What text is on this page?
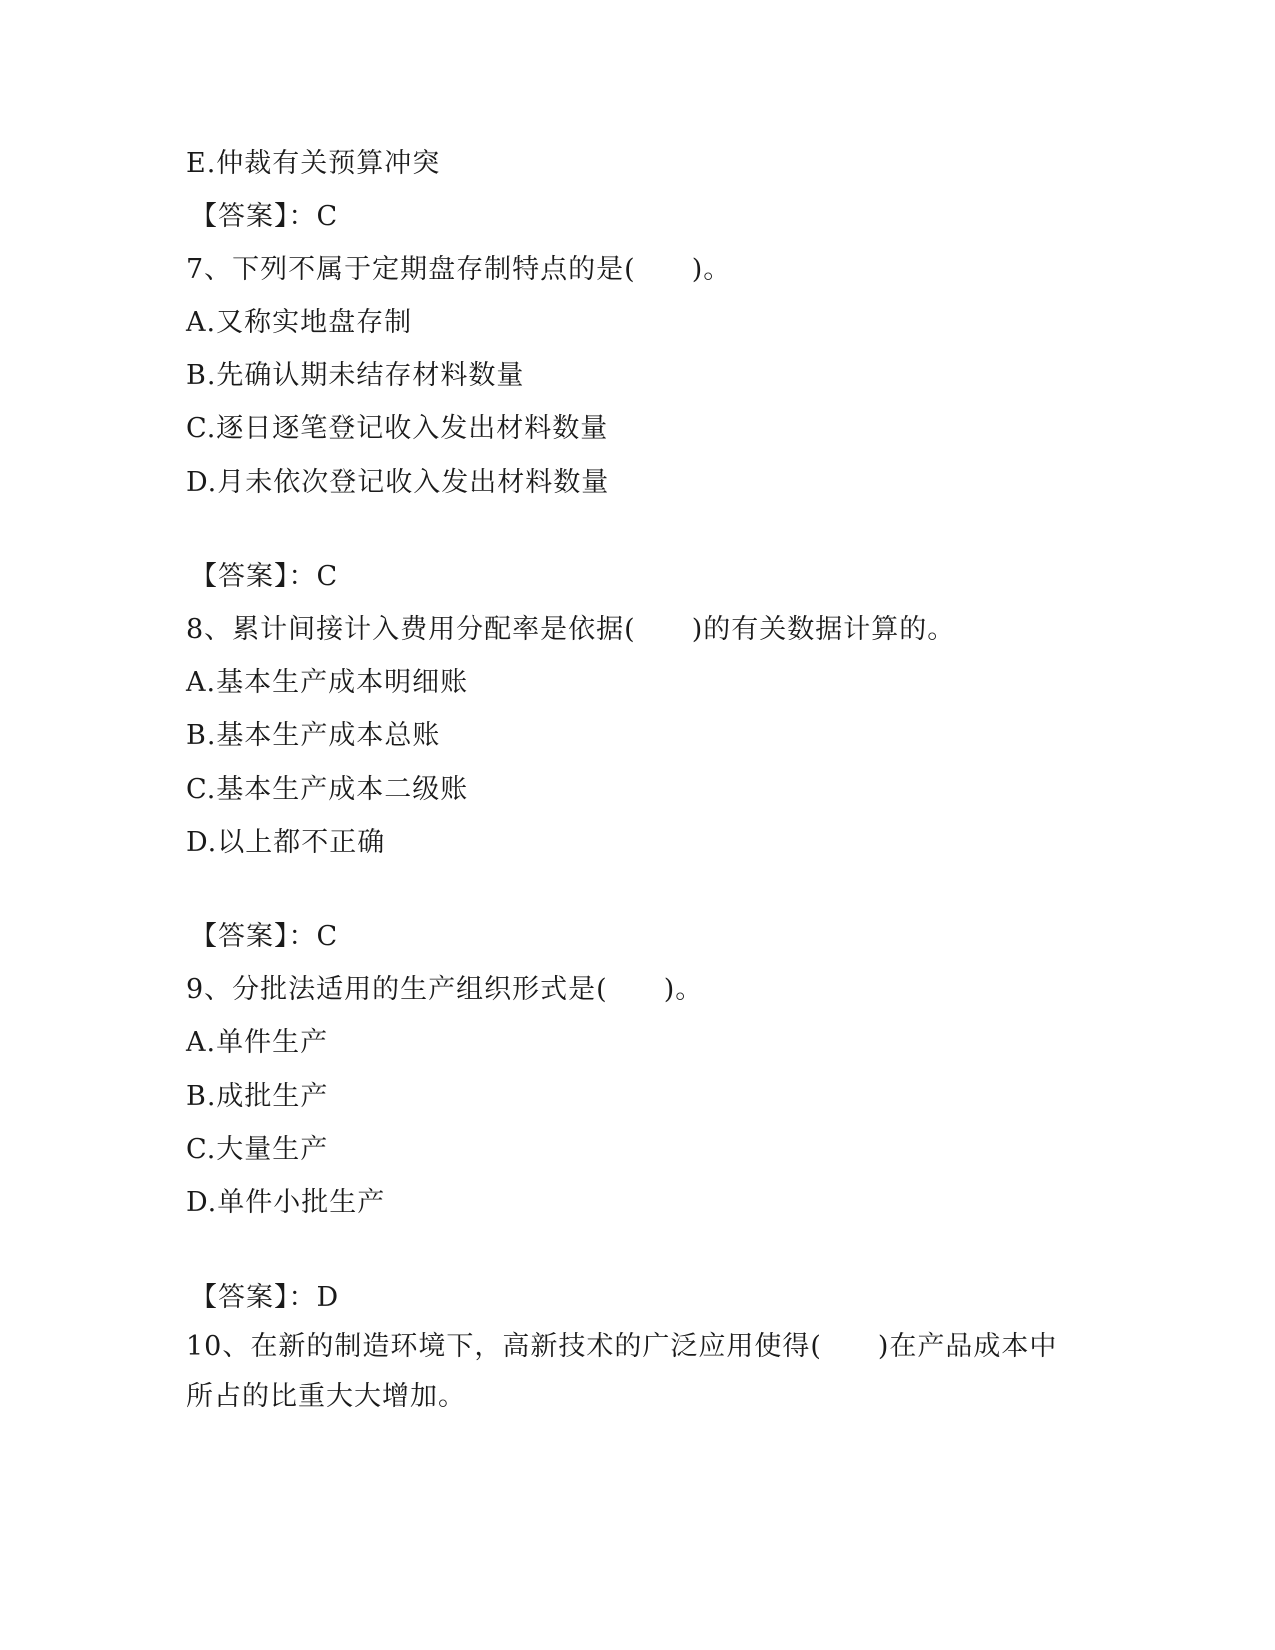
E.仲裁有关预算冲突
【答案】：C
7、下列不属于定期盘存制特点的是(　　)。
A.又称实地盘存制
B.先确认期未结存材料数量
C.逐日逐笔登记收入发出材料数量
D.月未依次登记收入发出材料数量
【答案】：C
8、累计间接计入费用分配率是依据(　　)的有关数据计算的。
A.基本生产成本明细账
B.基本生产成本总账
C.基本生产成本二级账
D.以上都不正确
【答案】：C
9、分批法适用的生产组织形式是(　　)。
A.单件生产
B.成批生产
C.大量生产
D.单件小批生产
【答案】：D
10、在新的制造环境下，高新技术的广泛应用使得(　　)在产品成本中所占的比重大大增加。
